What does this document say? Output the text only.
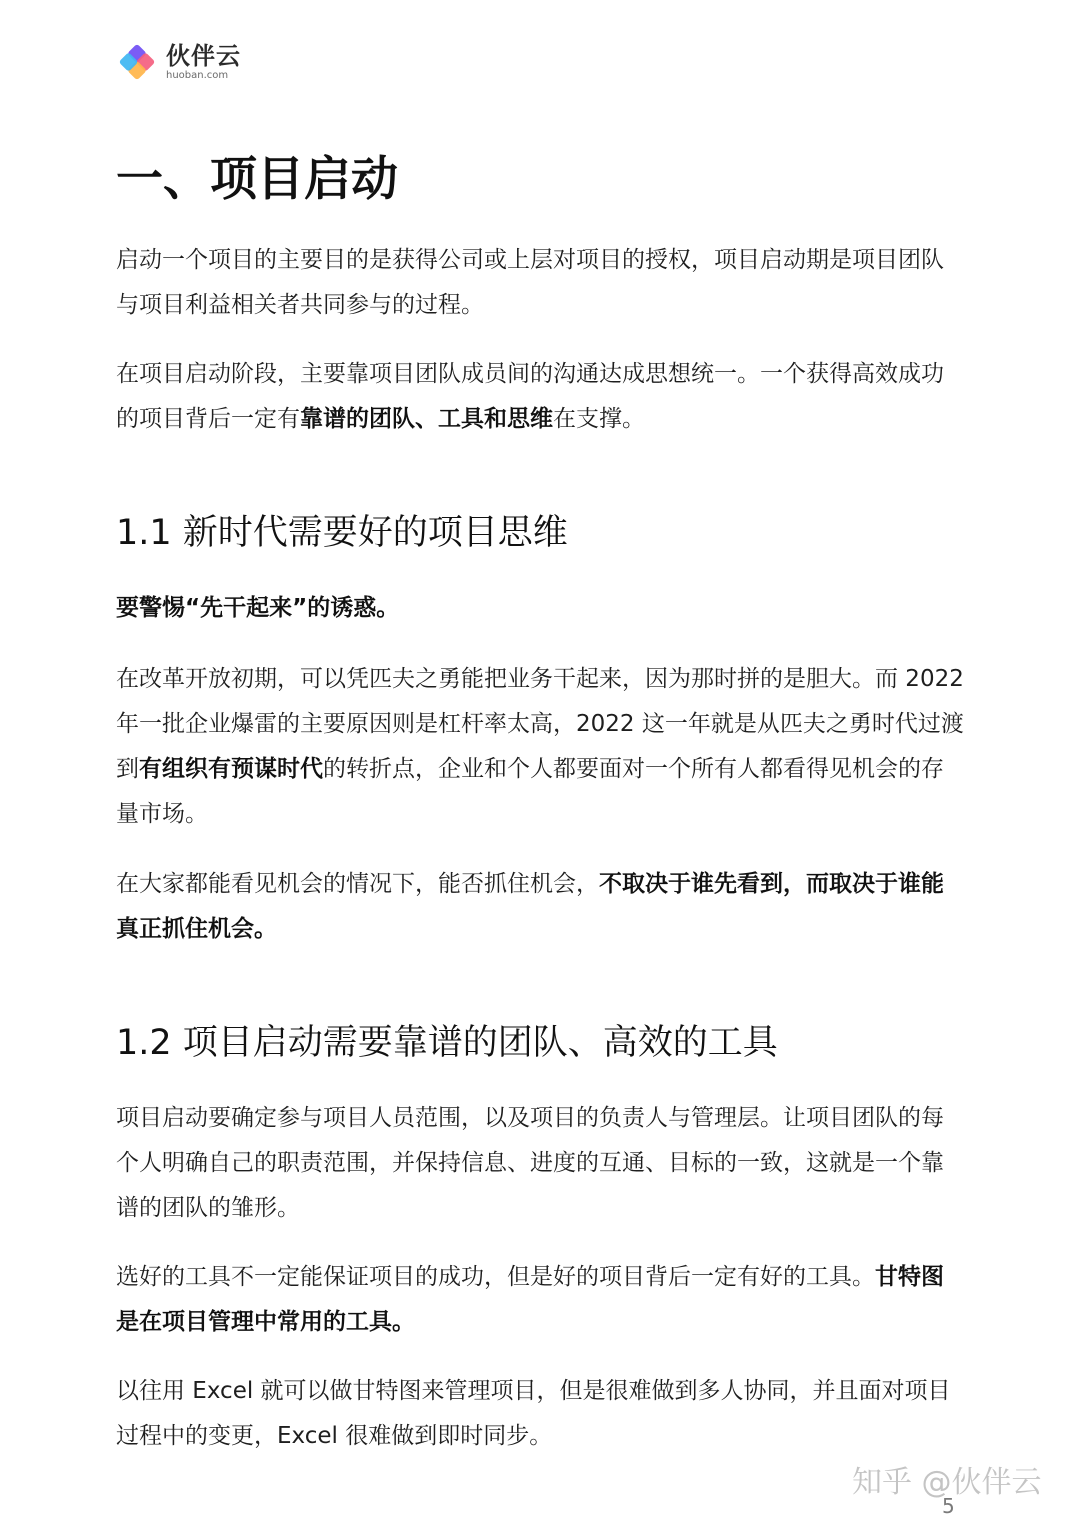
伙伴云
huoban.com
一、项目启动

启动一个项目的主要目的是获得公司或上层对项目的授权，项目启动期是项目团队与项目利益相关者共同参与的过程。

在项目启动阶段，主要靠项目团队成员间的沟通达成思想统一。一个获得高效成功的项目背后一定有靠谱的团队、工具和思维在支撑。

1.1 新时代需要好的项目思维

要警惕“先干起来”的诱惑。

在改革开放初期，可以凭匹夫之勇能把业务干起来，因为那时拼的是胆大。而 2022 年一批企业爆雷的主要原因则是杠杆率太高，2022 这一年就是从匹夫之勇时代过渡到有组织有预谋时代的转折点，企业和个人都要面对一个所有人都看得见机会的存量市场。

在大家都能看见机会的情况下，能否抓住机会，不取决于谁先看到，而取决于谁能真正抓住机会。

1.2 项目启动需要靠谱的团队、高效的工具

项目启动要确定参与项目人员范围，以及项目的负责人与管理层。让项目团队的每个人明确自己的职责范围，并保持信息、进度的互通、目标的一致，这就是一个靠谱的团队的雏形。

选好的工具不一定能保证项目的成功，但是好的项目背后一定有好的工具。甘特图是在项目管理中常用的工具。

以往用 Excel 就可以做甘特图来管理项目，但是很难做到多人协同，并且面对项目过程中的变更，Excel 很难做到即时同步。

知乎 @伙伴云
5
